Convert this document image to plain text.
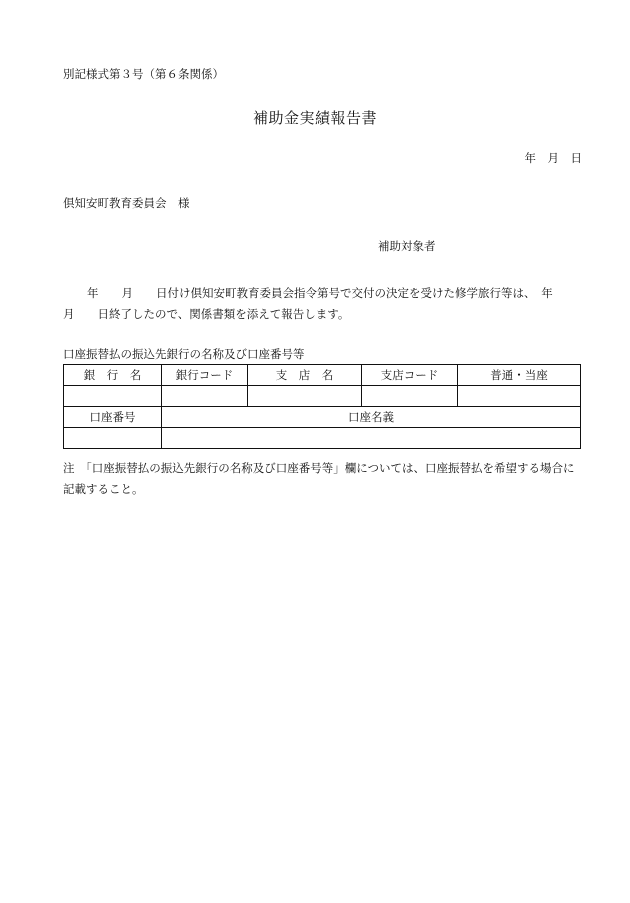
別記様式第３号（第６条関係）
補助金実績報告書
年　月　日
倶知安町教育委員会　様
補助対象者
年　　月　　日付け倶知安町教育委員会指令第号で交付の決定を受けた修学旅行等は、　年　　月　　日終了したので、関係書類を添えて報告します。
口座振替払の振込先銀行の名称及び口座番号等
銀　行　名	銀行コード	支　店　名	支店コード	普通・当座

口座番号	口座名義			

注　「口座振替払の振込先銀行の名称及び口座番号等」欄については、口座振替払を希望する場合に記載すること。
